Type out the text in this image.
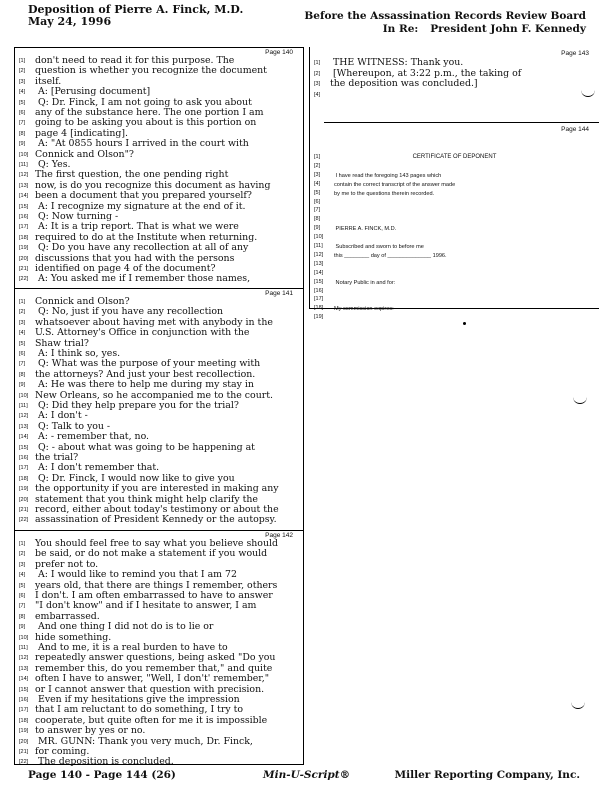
Deposition of Pierre A. Finck, M.D.
May 24, 1996	Before the Assassination Records Review Board
In Re: President John F. Kennedy
Page 140
[1] don't need to read it for this purpose. The
[2] question is whether you recognize the document
[3] itself.
[4] A: [Perusing document]
[5] Q: Dr. Finck, I am not going to ask you about
[6] any of the substance here. The one portion I am
[7] going to be asking you about is this portion on
[8] page 4 [indicating].
[9] A: "At 0855 hours I arrived in the court with
[10] Connick and Olson"?
[11] Q: Yes.
[12] The first question, the one pending right
[13] now, is do you recognize this document as having
[14] been a document that you prepared yourself?
[15] A: I recognize my signature at the end of it.
[16] Q: Now turning -
[17] A: It is a trip report. That is what we were
[18] required to do at the Institute when returning.
[19] Q: Do you have any recollection at all of any
[20] discussions that you had with the persons
[21] identified on page 4 of the document?
[22] A: You asked me if I remember those names,
Page 141
[1] Connick and Olson?
[2] Q: No, just if you have any recollection
[3] whatsoever about having met with anybody in the
[4] U.S. Attorney's Office in conjunction with the
[5] Shaw trial?
[6] A: I think so, yes.
[7] Q: What was the purpose of your meeting with
[8] the attorneys? And just your best recollection.
[9] A: He was there to help me during my stay in
[10] New Orleans, so he accompanied me to the court.
[11] Q: Did they help prepare you for the trial?
[12] A: I don't -
[13] Q: Talk to you -
[14] A: - remember that, no.
[15] Q: - about what was going to be happening at
[16] the trial?
[17] A: I don't remember that.
[18] Q: Dr. Finck, I would now like to give you
[19] the opportunity if you are interested in making any
[20] statement that you think might help clarify the
[21] record, either about today's testimony or about the
[22] assassination of President Kennedy or the autopsy.
Page 142
[1] You should feel free to say what you believe should
[2] be said, or do not make a statement if you would
[3] prefer not to.
[4] A: I would like to remind you that I am 72
[5] years old, that there are things I remember, others
[6] I don't. I am often embarrassed to have to answer
[7] "I don't know" and if I hesitate to answer, I am
[8] embarrassed.
[9] And one thing I did not do is to lie or
[10] hide something.
[11] And to me, it is a real burden to have to
[12] repeatedly answer questions, being asked "Do you
[13] remember this, do you remember that," and quite
[14] often I have to answer, "Well, I don't' remember,"
[15] or I cannot answer that question with precision.
[16] Even if my hesitations give the impression
[17] that I am reluctant to do something, I try to
[18] cooperate, but quite often for me it is impossible
[19] to answer by yes or no.
[20] MR. GUNN: Thank you very much, Dr. Finck,
[21] for coming.
[22] The deposition is concluded.
Page 143
[1] THE WITNESS: Thank you.
[2] [Whereupon, at 3:22 p.m., the taking of
[3] the deposition was concluded.]
[4]
Page 144
CERTIFICATE OF DEPONENT
[1]
[2]
[3] I have read the foregoing 143 pages which
[4] contain the correct transcript of the answer made
[5] by me to the questions therein recorded.
[6]
[7]
[8]
[9] PIERRE A. FINCK, M.D.
[10]
[11] Subscribed and sworn to before me
[12] this ________ day of ______________ 1996.
[13]
[14]
[15] Notary Public in and for:
[16]
[17]
[18] My commission expires:
[19]
Page 140 - Page 144 (26)	Min-U-Script®	Miller Reporting Company, Inc.
